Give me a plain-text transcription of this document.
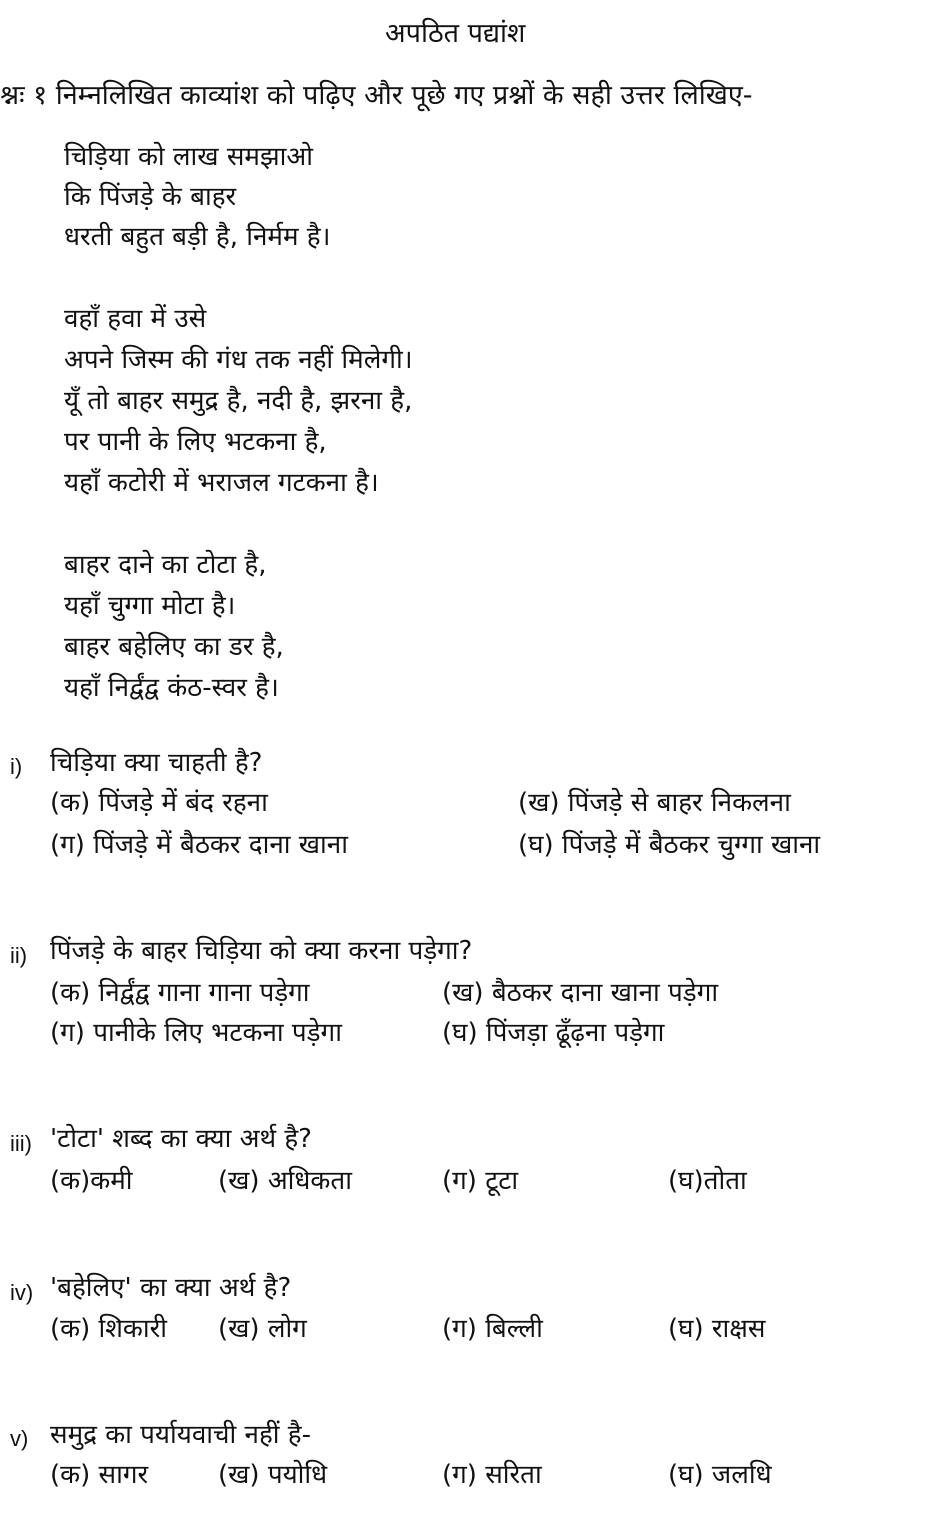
अपठित पद्यांश
श्नः १ निम्नलिखित काव्यांश को पढ़िए और पूछे गए प्रश्नों के सही उत्तर लिखिए-
चिड़िया को लाख समझाओ
कि पिंजड़े के बाहर
धरती बहुत बड़ी है, निर्मम है।
वहाँ हवा में उसे
अपने जिस्म की गंध तक नहीं मिलेगी।
यूँ तो बाहर समुद्र है, नदी है, झरना है,
पर पानी के लिए भटकना है,
यहाँ कटोरी में भराजल गटकना है।
बाहर दाने का टोटा है,
यहाँ चुग्गा मोटा है।
बाहर बहेलिए का डर है,
यहाँ निर्द्वंद्व कंठ-स्वर है।
i) चिड़िया क्या चाहती है?
(क) पिंजड़े में बंद रहना	(ख) पिंजड़े से बाहर निकलना
(ग) पिंजड़े में बैठकर दाना खाना	(घ) पिंजड़े में बैठकर चुग्गा खाना
ii) पिंजड़े के बाहर चिड़िया को क्या करना पड़ेगा?
(क) निर्द्वंद्व गाना गाना पड़ेगा	(ख) बैठकर दाना खाना पड़ेगा
(ग) पानीके लिए भटकना पड़ेगा	(घ) पिंजड़ा ढूँढ़ना पड़ेगा
iii) 'टोटा' शब्द का क्या अर्थ है?
(क)कमी	(ख) अधिकता	(ग) टूटा	(घ)तोता
iv) 'बहेलिए' का क्या अर्थ है?
(क) शिकारी (ख) लोग	(ग) बिल्ली	(घ) राक्षस
v) समुद्र का पर्यायवाची नहीं है-
(क) सागर	(ख) पयोधि	(ग) सरिता	(घ) जलधि
